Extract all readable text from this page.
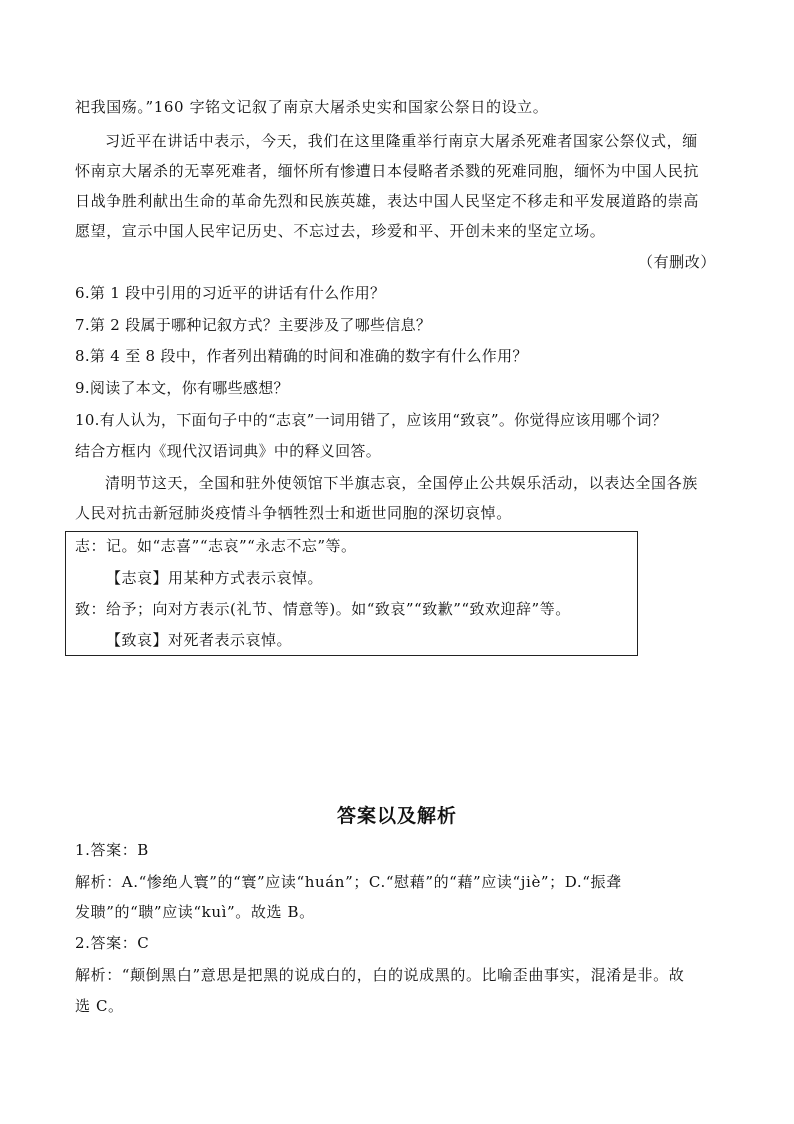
祀我国殇。”160 字铭文记叙了南京大屠杀史实和国家公祭日的设立。
习近平在讲话中表示，今天，我们在这里隆重举行南京大屠杀死难者国家公祭仪式，缅
怀南京大屠杀的无辜死难者，缅怀所有惨遭日本侵略者杀戮的死难同胞，缅怀为中国人民抗
日战争胜利献出生命的革命先烈和民族英雄，表达中国人民坚定不移走和平发展道路的崇高
愿望，宣示中国人民牢记历史、不忘过去，珍爱和平、开创未来的坚定立场。
（有删改）
6.第 1 段中引用的习近平的讲话有什么作用？
7.第 2 段属于哪种记叙方式？主要涉及了哪些信息？
8.第 4 至 8 段中，作者列出精确的时间和准确的数字有什么作用？
9.阅读了本文，你有哪些感想？
10.有人认为，下面句子中的“志哀”一词用错了，应该用“致哀”。你觉得应该用哪个词？
结合方框内《现代汉语词典》中的释义回答。
清明节这天，全国和驻外使领馆下半旗志哀，全国停止公共娱乐活动，以表达全国各族
人民对抗击新冠肺炎疫情斗争牺牲烈士和逝世同胞的深切哀悼。
志：记。如“志喜”“志哀”“永志不忘”等。
【志哀】用某种方式表示哀悼。
致：给予；向对方表示(礼节、情意等)。如“致哀”“致歉”“致欢迎辞”等。
【致哀】对死者表示哀悼。
答案以及解析
1.答案：B
解析：A.“惨绝人寰”的“寰”应读“huán”；C.“慰藉”的“藉”应读“jiè”；D.“振聋
发聩”的“聩”应读“kuì”。故选 B。
2.答案：C
解析：“颠倒黑白”意思是把黑的说成白的，白的说成黑的。比喻歪曲事实，混淆是非。故
选 C。
